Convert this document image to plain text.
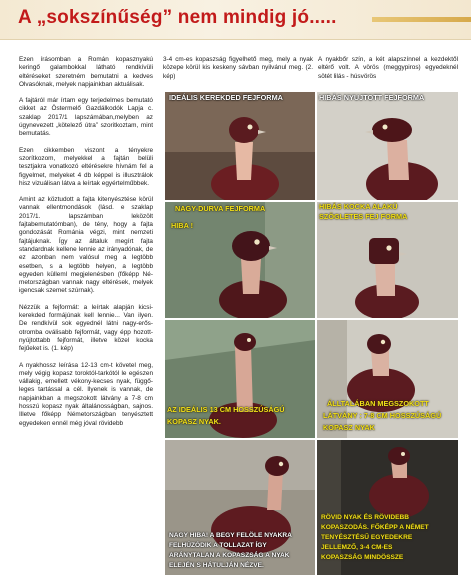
A „sokszínűség” nem mindig jó.....

Ezen írásomban a Román kopasznyakú keringő galambokkal látható rendkívüli eltéréseket szeretném bemutatni a kedves Olvasóknak, melyek napjainkban aktuálisak.

A fajtáról már írtam egy terjedelmes bemutató cikket az Östermelő Gazdálkodók Lapja c. szaklap 2017/1 lapszámában,melyben az úgynevezett „kötelező útra” szoritkoztam, mint bemutatás.

Ezen cikkemben viszont a tényekre szorítkozom, melyekkel a fajtán belüli tesztjakra vonatkozó eltérésekre hívnám fel a figyelmet, melyeket 4 db képpel is illusztrálok hisz vizuálisan látva a leírtak egyértelműbbek.

Amint az köztudott a fajta kitenyésztése körül vannak ellentmondások (lásd. e szaklap 2017/1. lapszámban leközölt fajtabemutatómban), de tény, hogy a fajta gondozását Románia végzi, mint nemzeti fajtájuknak. Így az általuk megírt fajta standardnak kellene lennie az irányadónak, de ez azonban nem valósul meg a legtöbb esetben, s a legtöbb helyen, a legtöbb egyeden külleml megjelenésben (főképp Németországban vannak nagy eltérések, melyek igencsak szemet szúrnak).

Nézzük a fejformát: a leírtak alapján kicsi-kerekded formájúnak kell lennie... Van ilyen. De rendkívül sok egyednél látni nagy-erős-otromba oválisabb fejformát, vagy épp hozott-nyújtottabb fejformát, illetve közel kocka fejűeket is. (1. kép)

A nyakhossz leírása 12-13 cm-t követel meg, mely végig kopasz toroktól-tarkótól le egészen vállakig, emellett vékony-kecses nyak, függőleges tartással a cél. Ilyenek is vannak, de napjainkban a megszokott látvány a 7-8 cm hosszú kopasz nyak általánosságban, sajnos. Illetve főképp Németországban tenyésztett egyedeken ennél még jóval rövidebb

3-4 cm-es kopaszság figyelhető meg, mely a nyak közepe körül kis keskeny sávban nyilvánul meg. (2. kép)

A nyakbőr szín, a két alapszínnel a kezdektől eltérő volt. A vörös (meggypiros) egyedeknél sötét lilás - húsvörös

IDEÁLIS KEREKDED FEJFORMA	HIBÁS NYUJTOTT FEJFORMA
NAGY-DURVA FEJFORMA
HIBA !
HIBÁS KOCKA ALAKÚ
SZÖGLETES FEJ FORMA
AZ IDEÁLIS 13 CM HOSSZÚSÁGÚ
KOPASZ NYAK.
ÁLLTALÁBAN MEGSZOKOTT
LÁTVÁNY : 7-8 CM HOSSZÚSÁGÚ
KOPASZ NYAK
NAGY HIBA! A BEGY FELÖLE NYAKRA
FELHÚZÓDIK A TOLLAZAT ÍGY
ARÁNYTALAN A KOPASZSÁG A NYAK
ELEJÉN S HÁTULJÁN NÉZVE.
RÖVID NYAK ÉS RÖVIDEBB
KOPASZODÁS. FŐKÉPP A NÉMET
TENYÉSZTÉSŰ EGYEDEKRE
JELLEMZŐ, 3-4 CM-ES
KOPASZSÁG MINDÖSSZE
